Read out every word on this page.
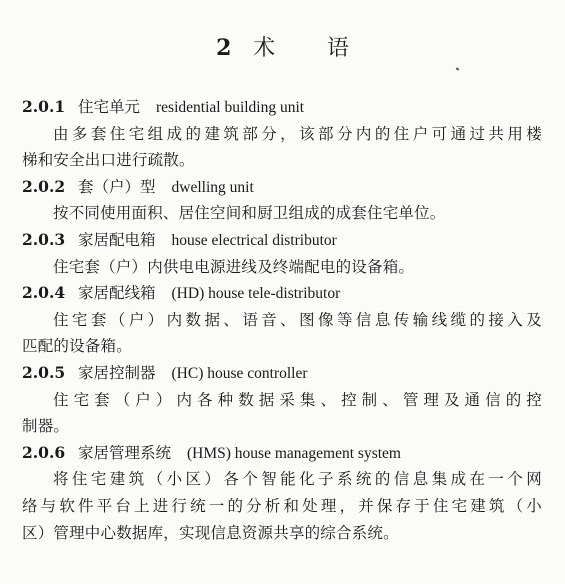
2 术 语
2.0.1 住宅单元 residential building unit
由多套住宅组成的建筑部分，该部分内的住户可通过共用楼
梯和安全出口进行疏散。
2.0.2 套（户）型 dwelling unit
按不同使用面积、居住空间和厨卫组成的成套住宅单位。
2.0.3 家居配电箱 house electrical distributor
住宅套（户）内供电电源进线及终端配电的设备箱。
2.0.4 家居配线箱 (HD) house tele-distributor
住宅套（户）内数据、语音、图像等信息传输线缆的接入及
匹配的设备箱。
2.0.5 家居控制器 (HC) house controller
住宅套（户）内各种数据采集、控制、管理及通信的控
制器。
2.0.6 家居管理系统 (HMS) house management system
将住宅建筑（小区）各个智能化子系统的信息集成在一个网
络与软件平台上进行统一的分析和处理，并保存于住宅建筑（小
区）管理中心数据库，实现信息资源共享的综合系统。
